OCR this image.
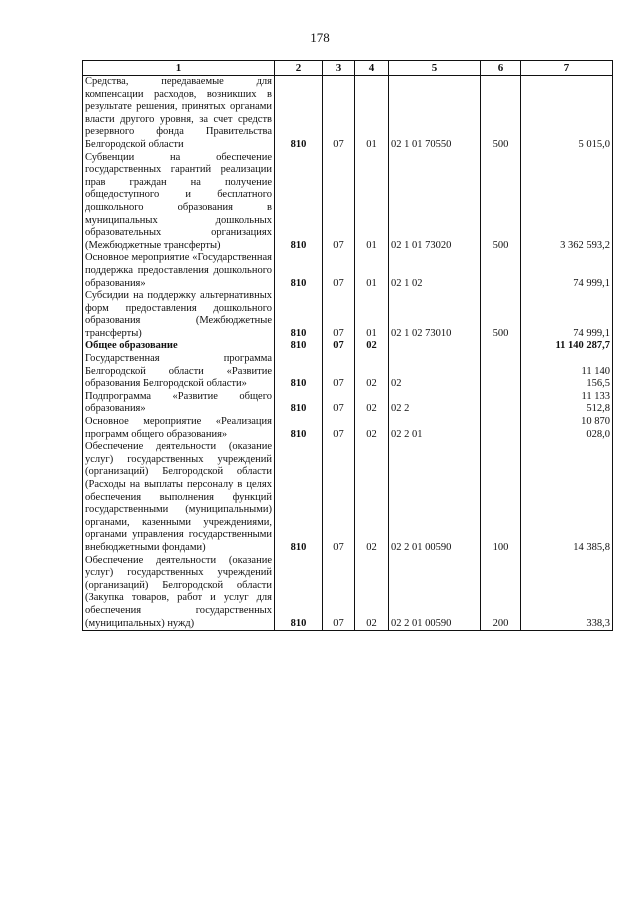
178
1	2	3	4	5	6	7
Средства, передаваемые для компенсации расходов, возникших в результате решения, принятых органами власти другого уровня, за счет средств резервного фонда Правительства Белгородской области	810	07	01	02 1 01 70550	500	5 015,0
Субвенции на обеспечение государственных гарантий реализации прав граждан на получение общедоступного и бесплатного дошкольного образования в муниципальных дошкольных образовательных организациях (Межбюджетные трансферты)	810	07	01	02 1 01 73020	500	3 362 593,2
Основное мероприятие «Государственная поддержка предоставления дошкольного образования»	810	07	01	02 1 02		74 999,1
Субсидии на поддержку альтернативных форм предоставления дошкольного образования (Межбюджетные трансферты)	810	07	01	02 1 02 73010	500	74 999,1
Общее образование	810	07	02			11 140 287,7
Государственная программа Белгородской области «Развитие образования Белгородской области»	810	07	02	02		11 140 156,5
Подпрограмма «Развитие общего образования»	810	07	02	02 2		11 133 512,8
Основное мероприятие «Реализация программ общего образования»	810	07	02	02 2 01		10 870 028,0
Обеспечение деятельности (оказание услуг) государственных учреждений (организаций) Белгородской области (Расходы на выплаты персоналу в целях обеспечения выполнения функций государственными (муниципальными) органами, казенными учреждениями, органами управления государственными внебюджетными фондами)	810	07	02	02 2 01 00590	100	14 385,8
Обеспечение деятельности (оказание услуг) государственных учреждений (организаций) Белгородской области (Закупка товаров, работ и услуг для обеспечения государственных (муниципальных) нужд)	810	07	02	02 2 01 00590	200	338,3
